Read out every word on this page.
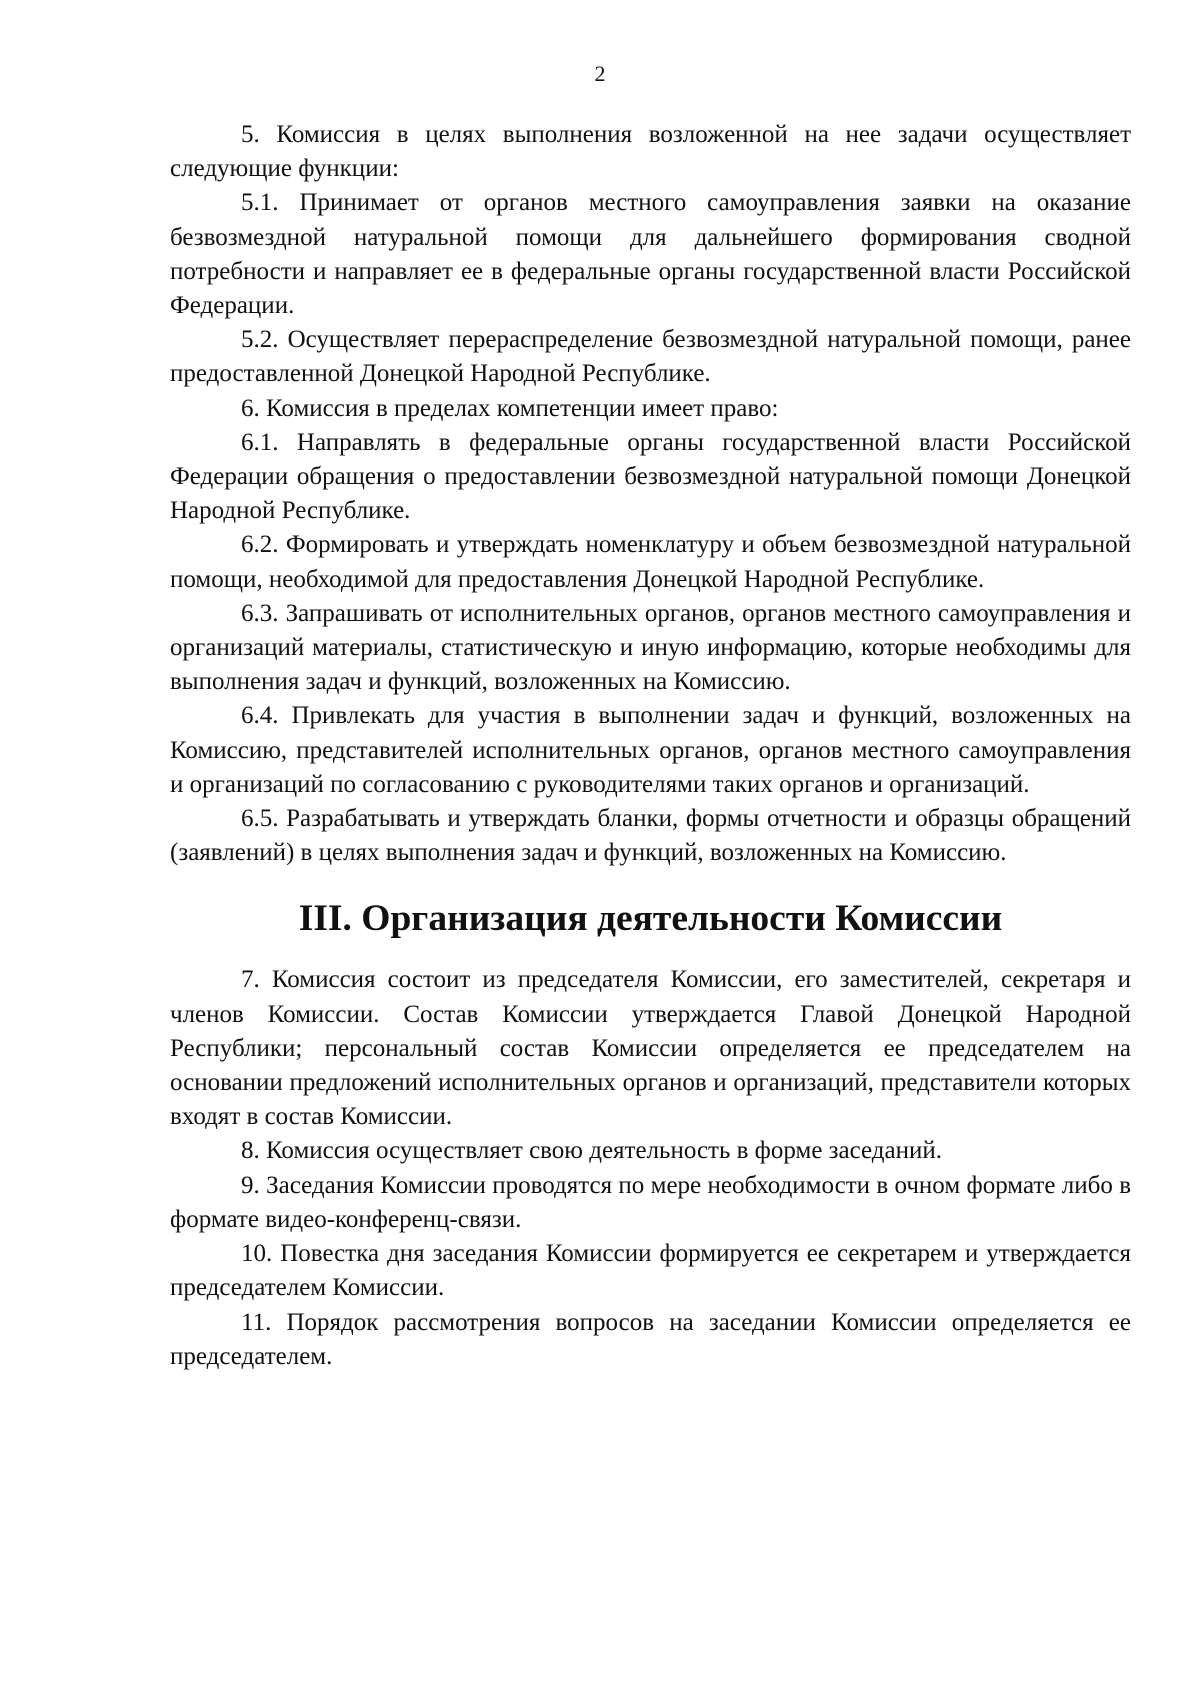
2

5. Комиссия в целях выполнения возложенной на нее задачи осуществляет следующие функции:

5.1. Принимает от органов местного самоуправления заявки на оказание безвозмездной натуральной помощи для дальнейшего формирования сводной потребности и направляет ее в федеральные органы государственной власти Российской Федерации.

5.2. Осуществляет перераспределение безвозмездной натуральной помощи, ранее предоставленной Донецкой Народной Республике.

6. Комиссия в пределах компетенции имеет право:

6.1. Направлять в федеральные органы государственной власти Российской Федерации обращения о предоставлении безвозмездной натуральной помощи Донецкой Народной Республике.

6.2. Формировать и утверждать номенклатуру и объем безвозмездной натуральной помощи, необходимой для предоставления Донецкой Народной Республике.

6.3. Запрашивать от исполнительных органов, органов местного самоуправления и организаций материалы, статистическую и иную информацию, которые необходимы для выполнения задач и функций, возложенных на Комиссию.

6.4. Привлекать для участия в выполнении задач и функций, возложенных на Комиссию, представителей исполнительных органов, органов местного самоуправления и организаций по согласованию с руководителями таких органов и организаций.

6.5. Разрабатывать и утверждать бланки, формы отчетности и образцы обращений (заявлений) в целях выполнения задач и функций, возложенных на Комиссию.

III. Организация деятельности Комиссии

7. Комиссия состоит из председателя Комиссии, его заместителей, секретаря и членов Комиссии. Состав Комиссии утверждается Главой Донецкой Народной Республики; персональный состав Комиссии определяется ее председателем на основании предложений исполнительных органов и организаций, представители которых входят в состав Комиссии.

8. Комиссия осуществляет свою деятельность в форме заседаний.

9. Заседания Комиссии проводятся по мере необходимости в очном формате либо в формате видео-конференц-связи.

10. Повестка дня заседания Комиссии формируется ее секретарем и утверждается председателем Комиссии.

11. Порядок рассмотрения вопросов на заседании Комиссии определяется ее председателем.
